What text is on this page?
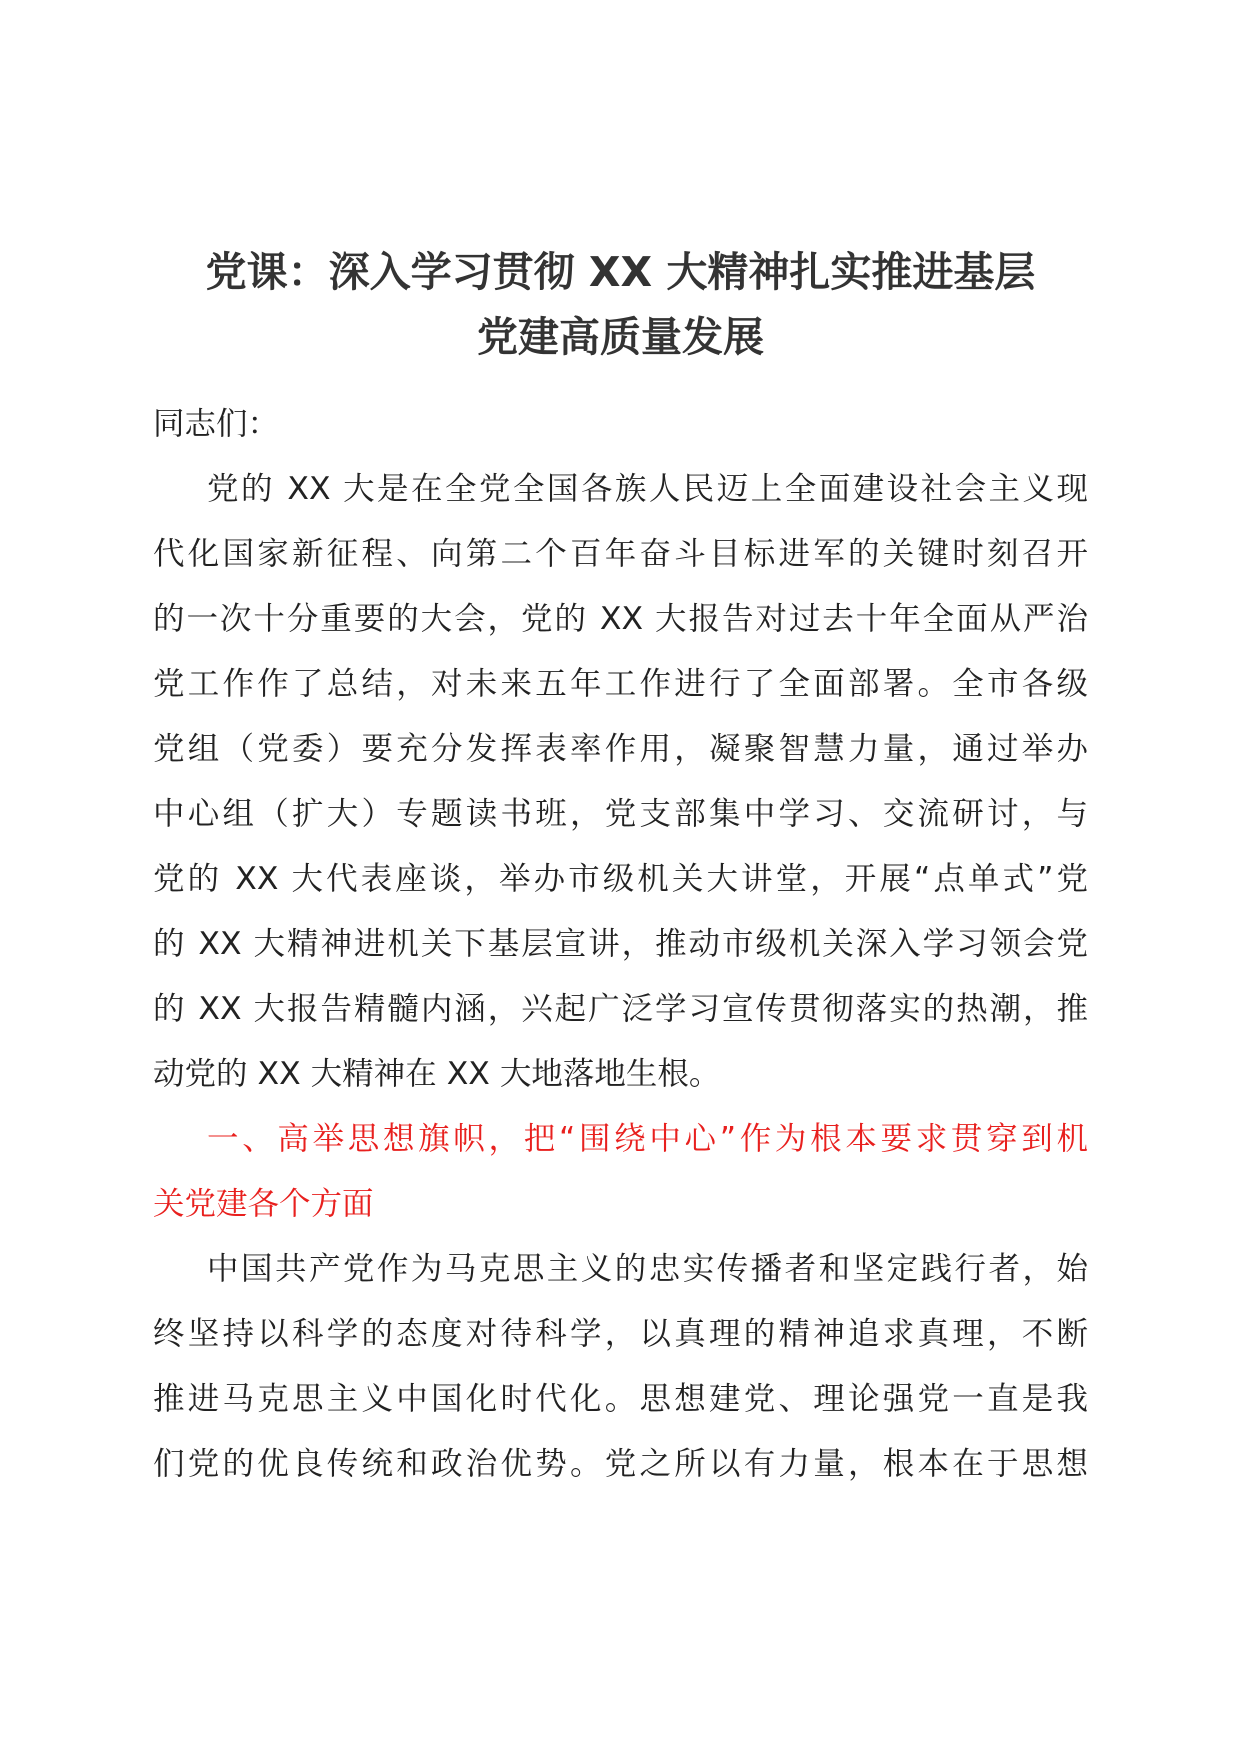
党课：深入学习贯彻 XX 大精神扎实推进基层
党建高质量发展
同志们：
党的 XX 大是在全党全国各族人民迈上全面建设社会主义现
代化国家新征程、向第二个百年奋斗目标进军的关键时刻召开
的一次十分重要的大会，党的 XX 大报告对过去十年全面从严治
党工作作了总结，对未来五年工作进行了全面部署。全市各级
党组（党委）要充分发挥表率作用，凝聚智慧力量，通过举办
中心组（扩大）专题读书班，党支部集中学习、交流研讨，与
党的 XX 大代表座谈，举办市级机关大讲堂，开展“点单式”党
的 XX 大精神进机关下基层宣讲，推动市级机关深入学习领会党
的 XX 大报告精髓内涵，兴起广泛学习宣传贯彻落实的热潮，推
动党的 XX 大精神在 XX 大地落地生根。
一、高举思想旗帜，把“围绕中心”作为根本要求贯穿到机
关党建各个方面
中国共产党作为马克思主义的忠实传播者和坚定践行者，始
终坚持以科学的态度对待科学，以真理的精神追求真理，不断
推进马克思主义中国化时代化。思想建党、理论强党一直是我
们党的优良传统和政治优势。党之所以有力量，根本在于思想
